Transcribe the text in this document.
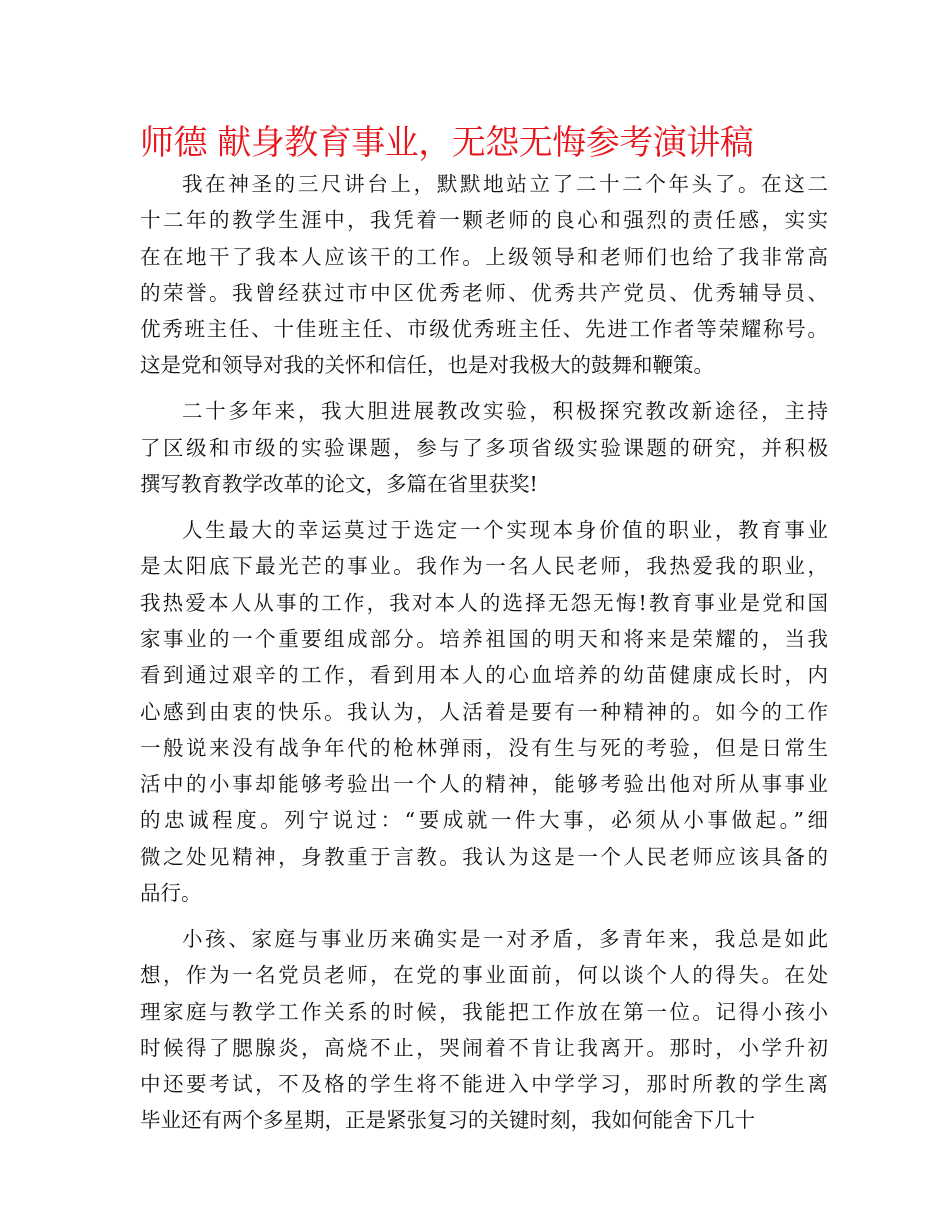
师德 献身教育事业，无怨无悔参考演讲稿
我在神圣的三尺讲台上，默默地站立了二十二个年头了。在这二
十二年的教学生涯中，我凭着一颗老师的良心和强烈的责任感，实实
在在地干了我本人应该干的工作。上级领导和老师们也给了我非常高
的荣誉。我曾经获过市中区优秀老师、优秀共产党员、优秀辅导员、
优秀班主任、十佳班主任、市级优秀班主任、先进工作者等荣耀称号。
这是党和领导对我的关怀和信任，也是对我极大的鼓舞和鞭策。
二十多年来，我大胆进展教改实验，积极探究教改新途径，主持
了区级和市级的实验课题，参与了多项省级实验课题的研究，并积极
撰写教育教学改革的论文，多篇在省里获奖!
人生最大的幸运莫过于选定一个实现本身价值的职业，教育事业
是太阳底下最光芒的事业。我作为一名人民老师，我热爱我的职业，
我热爱本人从事的工作，我对本人的选择无怨无悔!教育事业是党和国
家事业的一个重要组成部分。培养祖国的明天和将来是荣耀的，当我
看到通过艰辛的工作，看到用本人的心血培养的幼苗健康成长时，内
心感到由衷的快乐。我认为，人活着是要有一种精神的。如今的工作
一般说来没有战争年代的枪林弹雨，没有生与死的考验，但是日常生
活中的小事却能够考验出一个人的精神，能够考验出他对所从事事业
的忠诚程度。列宁说过：“要成就一件大事，必须从小事做起。”细
微之处见精神，身教重于言教。我认为这是一个人民老师应该具备的
品行。
小孩、家庭与事业历来确实是一对矛盾，多青年来，我总是如此
想，作为一名党员老师，在党的事业面前，何以谈个人的得失。在处
理家庭与教学工作关系的时候，我能把工作放在第一位。记得小孩小
时候得了腮腺炎，高烧不止，哭闹着不肯让我离开。那时，小学升初
中还要考试，不及格的学生将不能进入中学学习，那时所教的学生离
毕业还有两个多星期，正是紧张复习的关键时刻，我如何能舍下几十
